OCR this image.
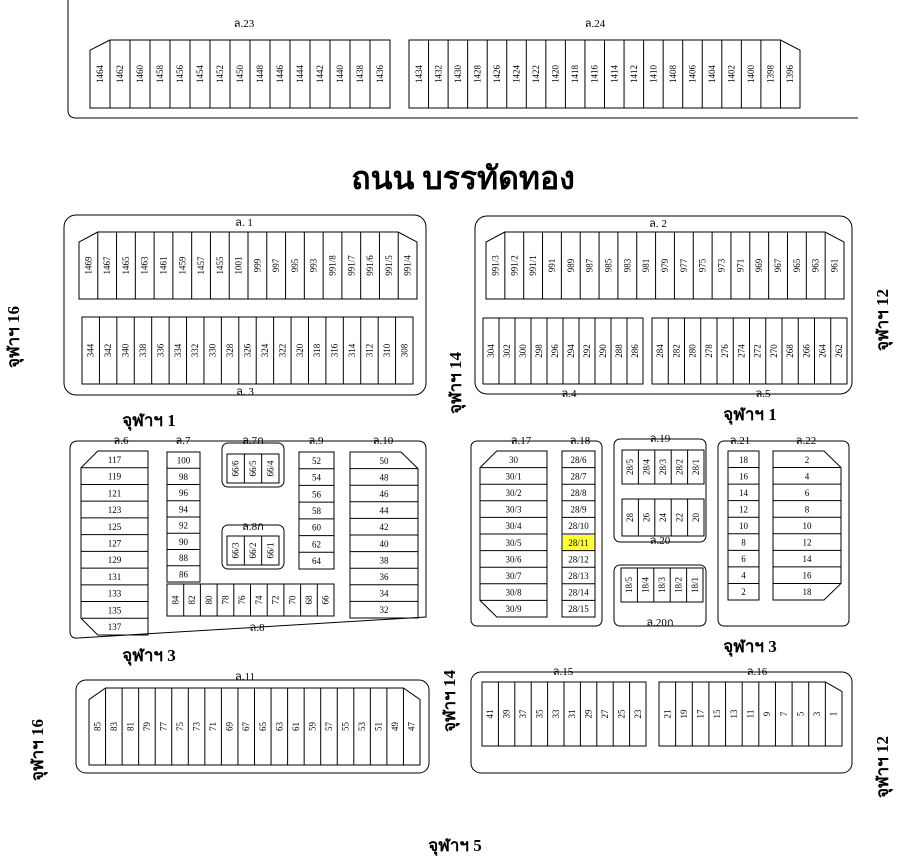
1464 1462 1460 1458 1456 1454 1452 1450 1448 1446 1444 1442 1440 1438 1436	1434 1432 1430 1428 1426 1424 1422 1420 1418 1416 1414 1412 1410 1408 1406 1404 1402 1400 1398 1396
1469 1467 1465 1463 1461 1459 1457 1455 1001 999 997 995 993 991/8 991/7 991/6 991/5 991/4
344 342 340 338 336 334 332 330 328 326 324 322 320 318 316 314 312 310 308
991/3 991/2 991/1 991 989 987 985 983 981 979 977 975 973 971 969 967 965 963 961
304 302 300 298 296 294 292 290 288 286 284 282 280 278 276 274 272 270 268 266 264 262
117
119
121
123
125
127
129
131
133
135
137
100
98
96
94
92
90
88
86
66/6 66/5 66/4
66/3 66/2 66/1
84 82 80 78 76 74 72 70 68 66
52
54
56
58
60
62
64
50
48
46
44
42
40
38
36
34
32
30
30/1
30/2
30/3
30/4
30/5
30/6
30/7
30/8
30/9
28/6
28/7
28/8
28/9
28/10
28/11
28/12
28/13
28/14
28/15
28/5 28/4 28/3 28/2 28/1
28 26 24 22 20
18/5 18/4 18/3 18/2 18/1
18
16
14
12
10
8
6
4
2
2
4
6
8
10
12
14
16
18
85 83 81 79 77 75 73 71 69 67 65 63 61 59 57 55 53 51 49 47
41 39 37 35 33 31 29 27 25 23 21 19 17 15 13 11 9 7 5 3 1
ถนน บรรทัดทอง
จุฬาฯ 16
จุฬาฯ 16
จุฬาฯ 14
จุฬาฯ 14
จุฬาฯ 12
จุฬาฯ 12
จุฬาฯ 1	จุฬาฯ 1
จุฬาฯ 3	จุฬาฯ 3
จุฬาฯ 5
ล.23	ล.24
ล. 1	ล. 2
ล. 3	ล.4	ล.5
ล.6	ล.7	ล.7ก
ล.8ก
ล.8
ล.9	ล.10
ล.11	ล.15	ล.16
ล.17	ล.18	ล.19
ล.20
ล.20ก
ล.21	ล.22
